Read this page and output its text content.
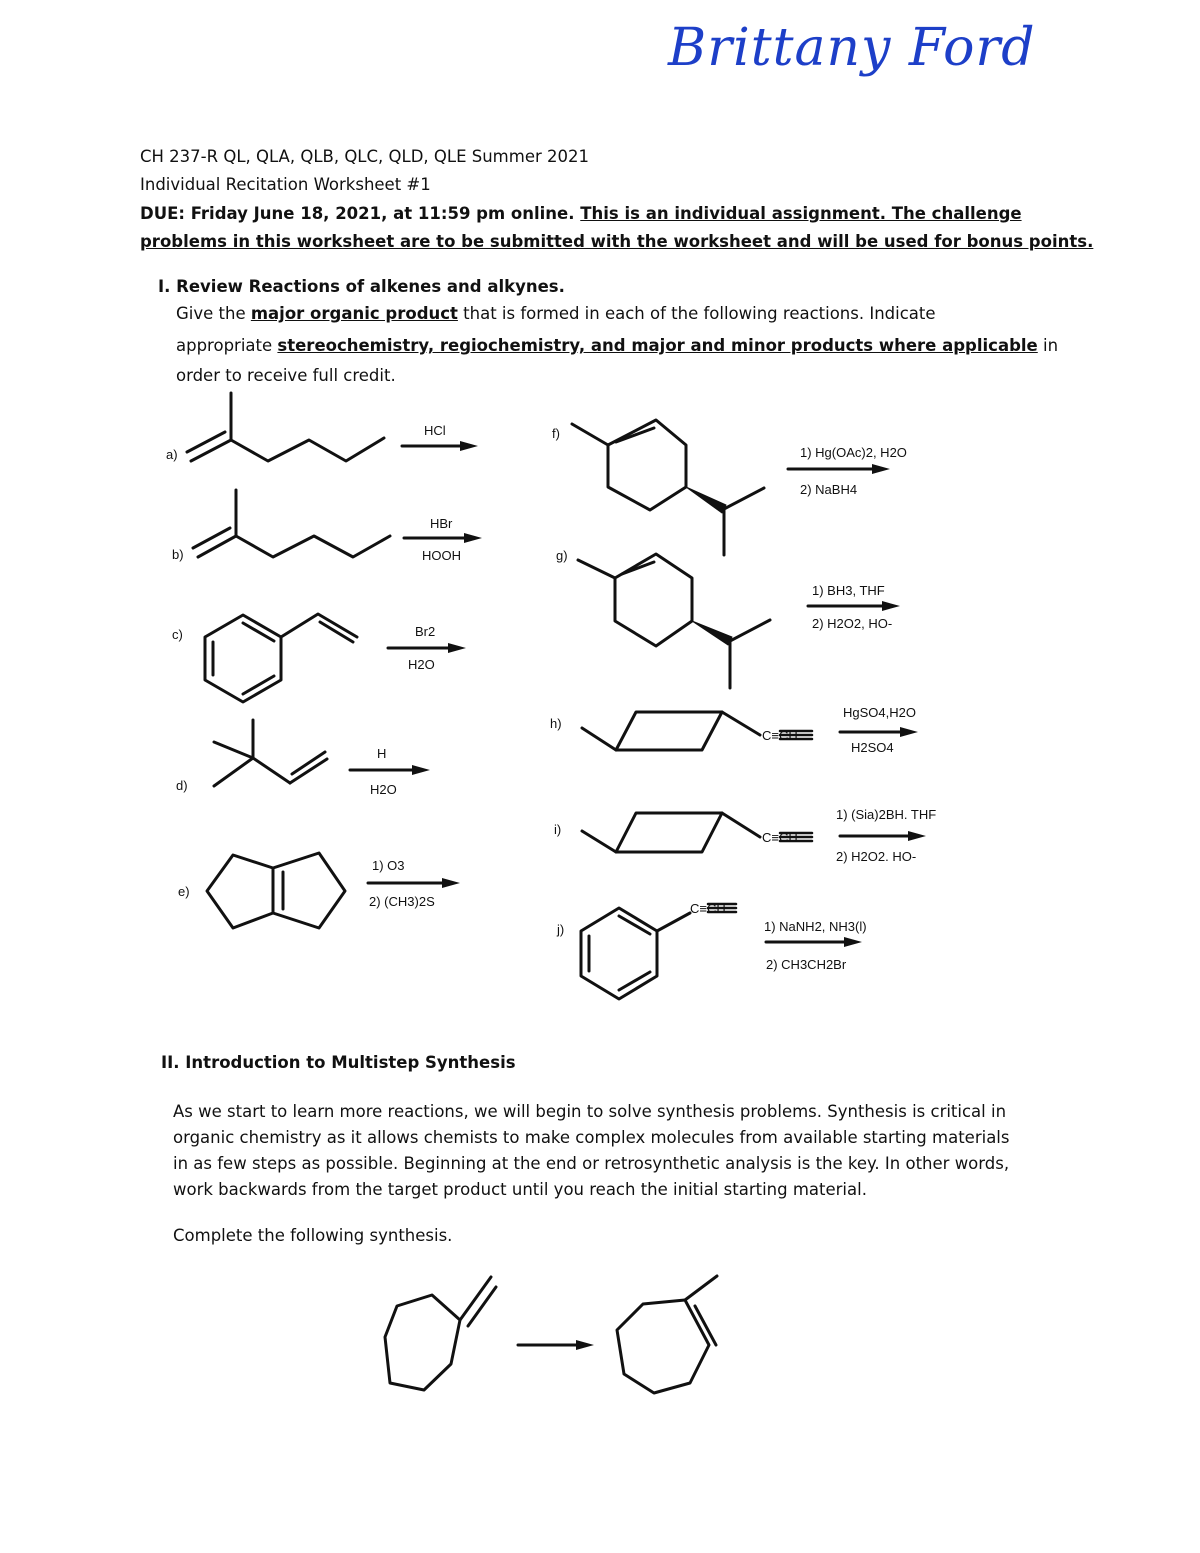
Brittany Ford
CH 237-R QL, QLA, QLB, QLC, QLD, QLE Summer 2021
Individual Recitation Worksheet #1
DUE: Friday June 18, 2021, at 11:59 pm online. This is an individual assignment. The challenge
problems in this worksheet are to be submitted with the worksheet and will be used for bonus points.
I. Review Reactions of alkenes and alkynes.
Give the major organic product that is formed in each of the following reactions. Indicate
appropriate stereochemistry, regiochemistry, and major and minor products where applicable in
order to receive full credit.
a)
HCl
b)
HBr
HOOH
c)	Br2
H2O
d)
H
H2O
e)
1) O3
2) (CH3)2S
f)
1) Hg(OAc)2, H2O
2) NaBH4
g)
1) BH3, THF
2) H2O2, HO-
h)
C≡CH
HgSO4,H2O
H2SO4
i)
C≡CH
1) (Sia)2BH. THF
2) H2O2. HO-
j)
C≡CH
1) NaNH2, NH3(l)
2) CH3CH2Br
II. Introduction to Multistep Synthesis
As we start to learn more reactions, we will begin to solve synthesis problems. Synthesis is critical in
organic chemistry as it allows chemists to make complex molecules from available starting materials
in as few steps as possible. Beginning at the end or retrosynthetic analysis is the key. In other words,
work backwards from the target product until you reach the initial starting material.
Complete the following synthesis.
